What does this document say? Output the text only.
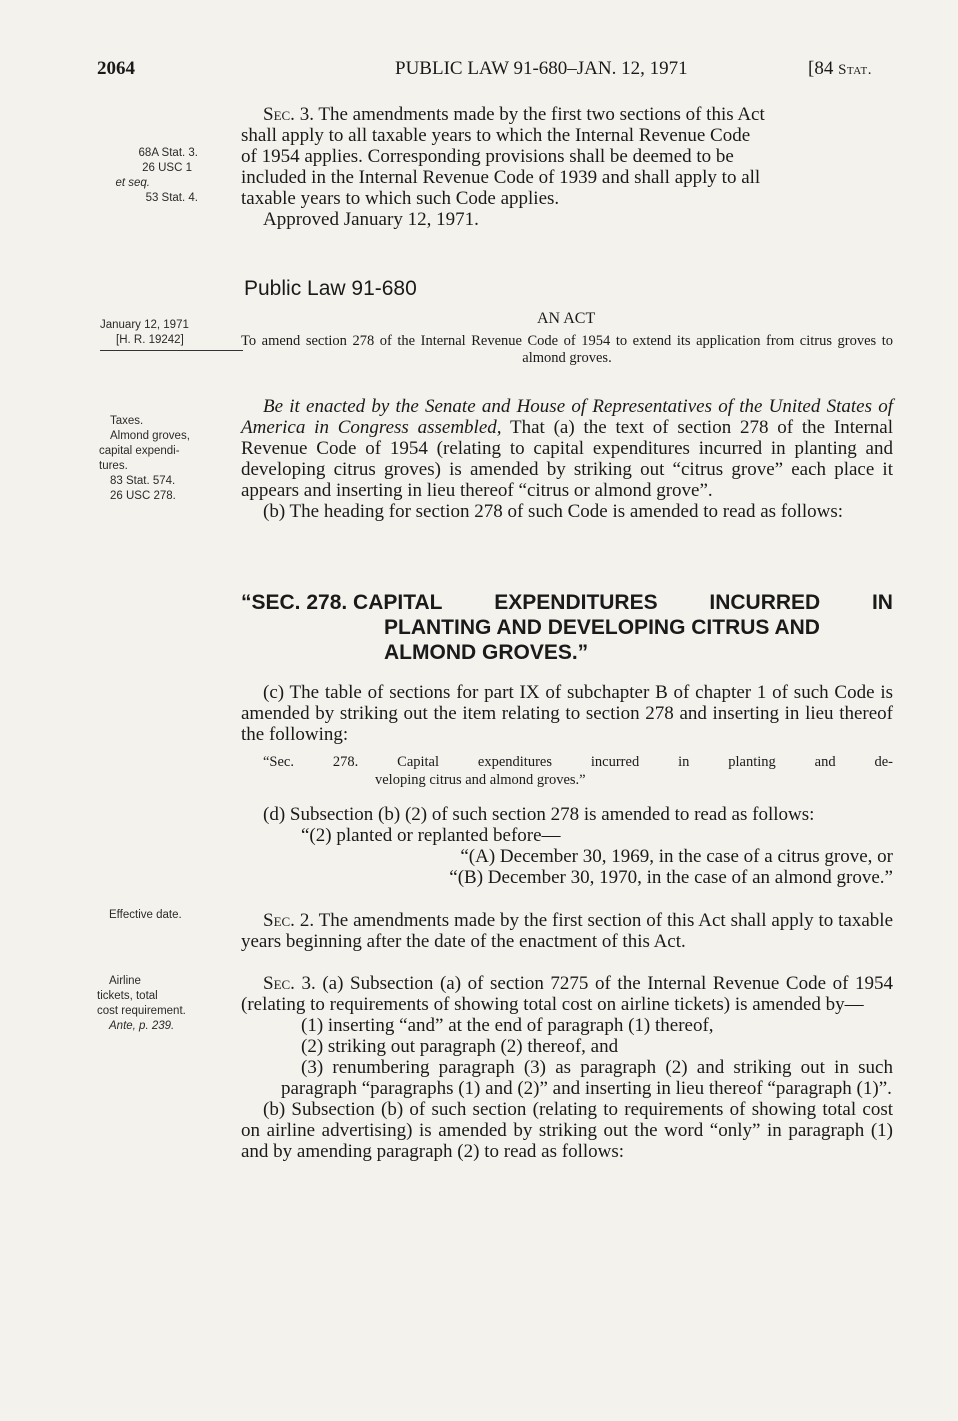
2064	PUBLIC LAW 91-680–JAN. 12, 1971	[84 Stat.
68A Stat. 3.
26 USC 1
et seq.
53 Stat. 4.
January 12, 1971
[H. R. 19242]
Taxes.
Almond groves,
capital expendi-
tures.
83 Stat. 574.
26 USC 278.
Effective date.
Airline
tickets, total
cost requirement.
Ante, p. 239.
Sec. 3. The amendments made by the first two sections of this Act
shall apply to all taxable years to which the Internal Revenue Code
of 1954 applies. Corresponding provisions shall be deemed to be
included in the Internal Revenue Code of 1939 and shall apply to all
taxable years to which such Code applies.
Approved January 12, 1971.
Public Law 91-680
AN ACT
To amend section 278 of the Internal Revenue Code of 1954 to extend its application from citrus groves to almond groves.

Be it enacted by the Senate and House of Representatives of the United States of America in Congress assembled, That (a) the text of section 278 of the Internal Revenue Code of 1954 (relating to capital expenditures incurred in planting and developing citrus groves) is amended by striking out “citrus grove” each place it appears and inserting in lieu thereof “citrus or almond grove”.

(b) The heading for section 278 of such Code is amended to read as follows:

“SEC. 278. CAPITAL EXPENDITURES INCURRED IN
PLANTING AND DEVELOPING CITRUS AND
ALMOND GROVES.”

(c) The table of sections for part IX of subchapter B of chapter 1 of such Code is amended by striking out the item relating to section 278 and inserting in lieu thereof the following:

“Sec. 278. Capital expenditures incurred in planting and de-
veloping citrus and almond groves.”

(d) Subsection (b) (2) of such section 278 is amended to read as follows:

“(2) planted or replanted before—

“(A) December 30, 1969, in the case of a citrus grove, or

“(B) December 30, 1970, in the case of an almond grove.”

Sec. 2. The amendments made by the first section of this Act shall apply to taxable years beginning after the date of the enactment of this Act.

Sec. 3. (a) Subsection (a) of section 7275 of the Internal Revenue Code of 1954 (relating to requirements of showing total cost on airline tickets) is amended by—

(1) inserting “and” at the end of paragraph (1) thereof,

(2) striking out paragraph (2) thereof, and

(3) renumbering paragraph (3) as paragraph (2) and striking out in such paragraph “paragraphs (1) and (2)” and inserting in lieu thereof “paragraph (1)”.

(b) Subsection (b) of such section (relating to requirements of showing total cost on airline advertising) is amended by striking out the word “only” in paragraph (1) and by amending paragraph (2) to read as follows:
